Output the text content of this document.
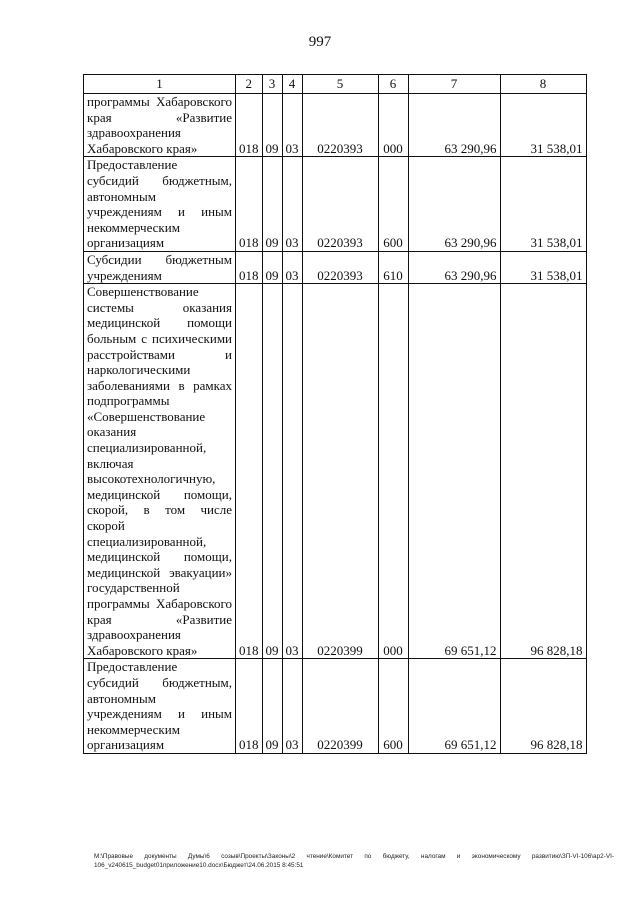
997
1	2	3	4	5	6	7	8
программы Хабаровского края «Развитие здравоохранения Хабаровского края»	018	09	03	0220393	000	63 290,96	31 538,01
Предоставление субсидий бюджетным, автономным учреждениям и иным некоммерческим организациям	018	09	03	0220393	600	63 290,96	31 538,01
Субсидии бюджетным учреждениям	018	09	03	0220393	610	63 290,96	31 538,01
Совершенствование системы оказания медицинской помощи больным с психическими расстройствами и наркологическими заболеваниями в рамках подпрограммы «Совершенствование оказания специализированной, включая высокотехнологичную, медицинской помощи, скорой, в том числе скорой специализированной, медицинской помощи, медицинской эвакуации» государственной программы Хабаровского края «Развитие здравоохранения Хабаровского края»	018	09	03	0220399	000	69 651,12	96 828,18
Предоставление субсидий бюджетным, автономным учреждениям и иным некоммерческим организациям	018	09	03	0220399	600	69 651,12	96 828,18
М:\Правовые документы Думы\6 созыв\Проекты\Законы\2 чтение\Комитет по бюджету, налогам и экономическому развитию\ЗП-VI-106\ар2-VI-106_v240615_budget01приложение10.docx\Бюджет\24.06.2015 8:45:51
